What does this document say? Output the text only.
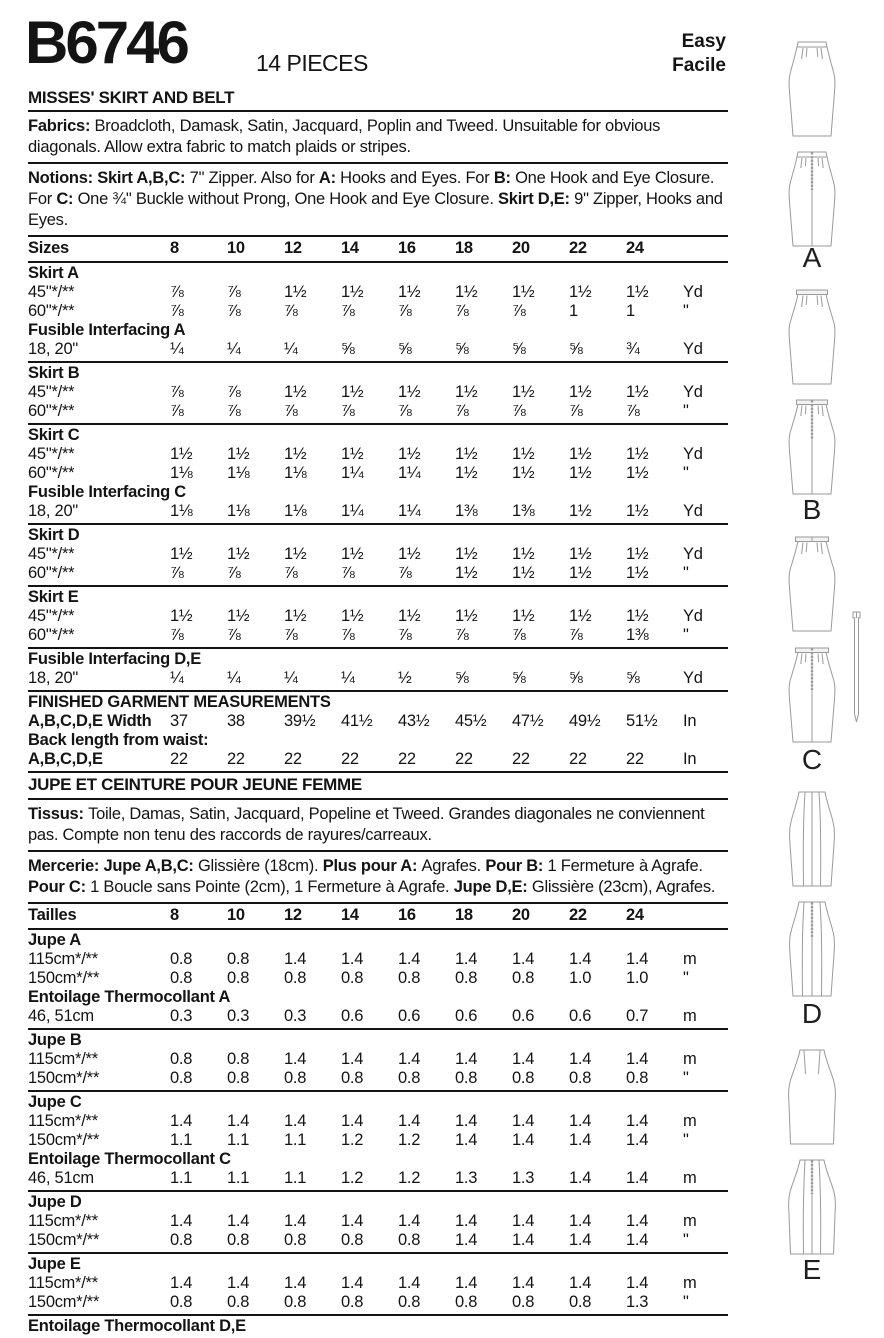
B6746	14 PIECES
Easy
Facile
MISSES' SKIRT AND BELT
Fabrics: Broadcloth, Damask, Satin, Jacquard, Poplin and Tweed. Unsuitable for obvious diagonals. Allow extra fabric to match plaids or stripes.
Notions: Skirt A,B,C: 7" Zipper. Also for A: Hooks and Eyes. For B: One Hook and Eye Closure. For C: One ¾" Buckle without Prong, One Hook and Eye Closure. Skirt D,E: 9" Zipper, Hooks and Eyes.
Sizes	8	10	12	14	16	18	20	22	24
Skirt A
45"*/**	⅞	⅞	1½	1½	1½	1½	1½	1½	1½	Yd
60"*/**	⅞	⅞	⅞	⅞	⅞	⅞	⅞	1	1	"
Fusible Interfacing A
18, 20"	¼	¼	¼	⅝	⅝	⅝	⅝	⅝	¾	Yd
Skirt B
45"*/**	⅞	⅞	1½	1½	1½	1½	1½	1½	1½	Yd
60"*/**	⅞	⅞	⅞	⅞	⅞	⅞	⅞	⅞	⅞	"
Skirt C
45"*/**	1½	1½	1½	1½	1½	1½	1½	1½	1½	Yd
60"*/**	1⅛	1⅛	1⅛	1¼	1¼	1½	1½	1½	1½	"
Fusible Interfacing C
18, 20"	1⅛	1⅛	1⅛	1¼	1¼	1⅜	1⅜	1½	1½	Yd
Skirt D
45"*/**	1½	1½	1½	1½	1½	1½	1½	1½	1½	Yd
60"*/**	⅞	⅞	⅞	⅞	⅞	1½	1½	1½	1½	"
Skirt E
45"*/**	1½	1½	1½	1½	1½	1½	1½	1½	1½	Yd
60"*/**	⅞	⅞	⅞	⅞	⅞	⅞	⅞	⅞	1⅜	"
Fusible Interfacing D,E
18, 20"	¼	¼	¼	¼	½	⅝	⅝	⅝	⅝	Yd
FINISHED GARMENT MEASUREMENTS
A,B,C,D,E Width	37	38	39½	41½	43½	45½	47½	49½	51½	In
Back length from waist:
A,B,C,D,E	22	22	22	22	22	22	22	22	22	In
JUPE ET CEINTURE POUR JEUNE FEMME
Tissus: Toile, Damas, Satin, Jacquard, Popeline et Tweed. Grandes diagonales ne conviennent pas. Compte non tenu des raccords de rayures/carreaux.
Mercerie: Jupe A,B,C: Glissière (18cm). Plus pour A: Agrafes. Pour B: 1 Fermeture à Agrafe. Pour C: 1 Boucle sans Pointe (2cm), 1 Fermeture à Agrafe. Jupe D,E: Glissière (23cm), Agrafes.
Tailles	8	10	12	14	16	18	20	22	24
Jupe A
115cm*/**	0.8	0.8	1.4	1.4	1.4	1.4	1.4	1.4	1.4	m
150cm*/**	0.8	0.8	0.8	0.8	0.8	0.8	0.8	1.0	1.0	"
Entoilage Thermocollant A
46, 51cm	0.3	0.3	0.3	0.6	0.6	0.6	0.6	0.6	0.7	m
Jupe B
115cm*/**	0.8	0.8	1.4	1.4	1.4	1.4	1.4	1.4	1.4	m
150cm*/**	0.8	0.8	0.8	0.8	0.8	0.8	0.8	0.8	0.8	"
Jupe C
115cm*/**	1.4	1.4	1.4	1.4	1.4	1.4	1.4	1.4	1.4	m
150cm*/**	1.1	1.1	1.1	1.2	1.2	1.4	1.4	1.4	1.4	"
Entoilage Thermocollant C
46, 51cm	1.1	1.1	1.1	1.2	1.2	1.3	1.3	1.4	1.4	m
Jupe D
115cm*/**	1.4	1.4	1.4	1.4	1.4	1.4	1.4	1.4	1.4	m
150cm*/**	0.8	0.8	0.8	0.8	0.8	1.4	1.4	1.4	1.4	"
Jupe E
115cm*/**	1.4	1.4	1.4	1.4	1.4	1.4	1.4	1.4	1.4	m
150cm*/**	0.8	0.8	0.8	0.8	0.8	0.8	0.8	0.8	1.3	"
Entoilage Thermocollant D,E
A
B
C
D
E
